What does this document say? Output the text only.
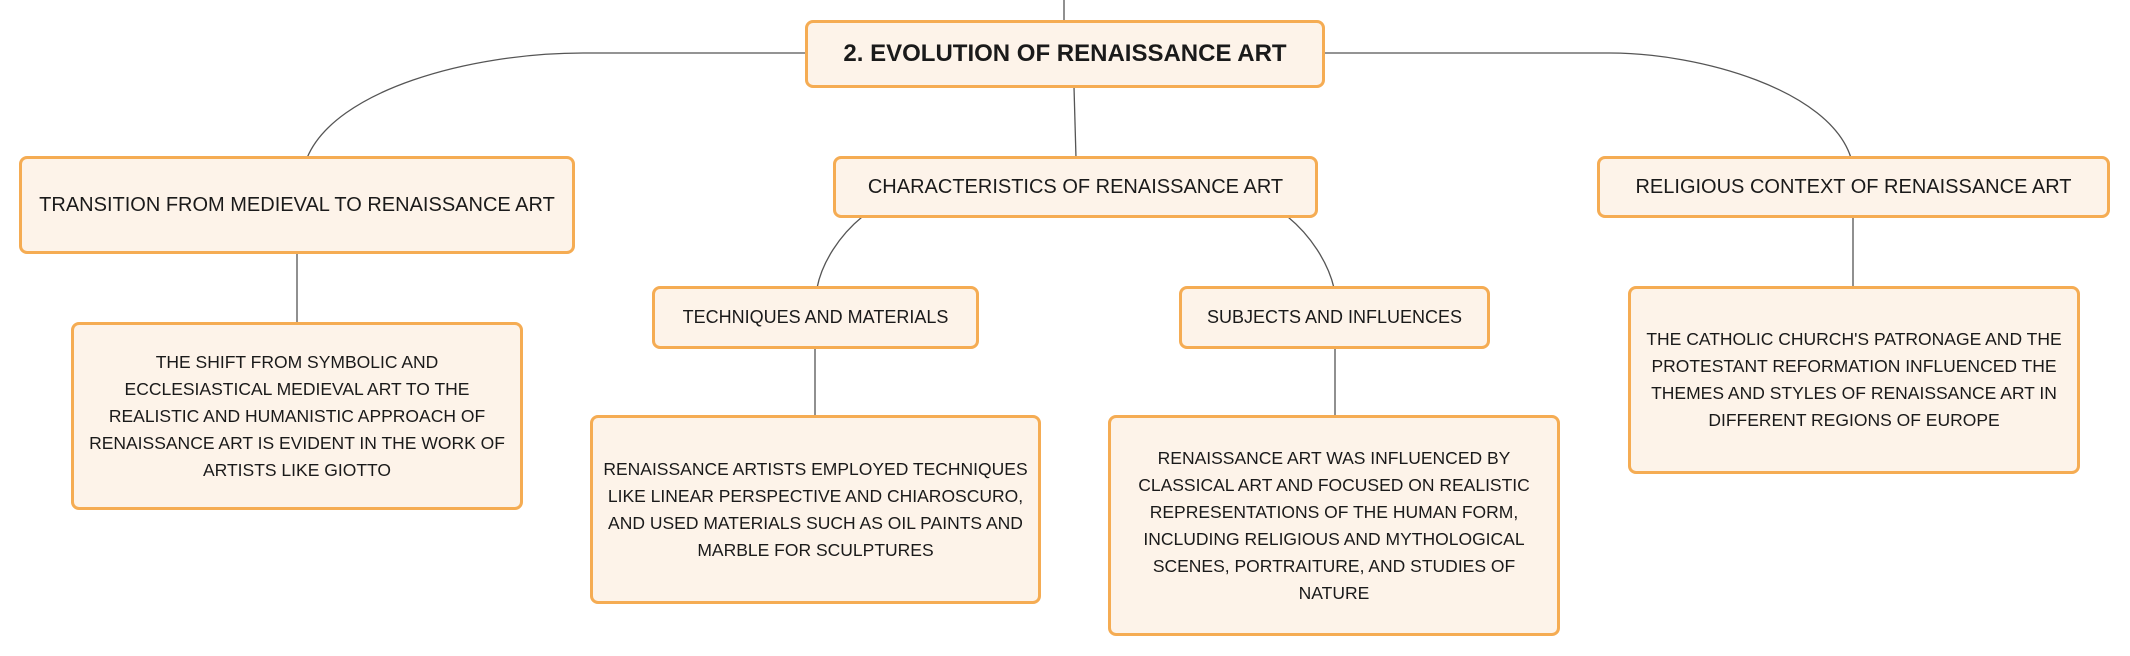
2. EVOLUTION OF RENAISSANCE ART
TRANSITION FROM MEDIEVAL TO RENAISSANCE ART
CHARACTERISTICS OF RENAISSANCE ART	RELIGIOUS CONTEXT OF RENAISSANCE ART
TECHNIQUES AND MATERIALS	SUBJECTS AND INFLUENCES
THE SHIFT FROM SYMBOLIC AND ECCLESIASTICAL MEDIEVAL ART TO THE REALISTIC AND HUMANISTIC APPROACH OF RENAISSANCE ART IS EVIDENT IN THE WORK OF ARTISTS LIKE GIOTTO	RENAISSANCE ARTISTS EMPLOYED TECHNIQUES LIKE LINEAR PERSPECTIVE AND CHIAROSCURO, AND USED MATERIALS SUCH AS OIL PAINTS AND MARBLE FOR SCULPTURES
RENAISSANCE ART WAS INFLUENCED BY CLASSICAL ART AND FOCUSED ON REALISTIC REPRESENTATIONS OF THE HUMAN FORM, INCLUDING RELIGIOUS AND MYTHOLOGICAL SCENES, PORTRAITURE, AND STUDIES OF NATURE
THE CATHOLIC CHURCH'S PATRONAGE AND THE PROTESTANT REFORMATION INFLUENCED THE THEMES AND STYLES OF RENAISSANCE ART IN DIFFERENT REGIONS OF EUROPE
